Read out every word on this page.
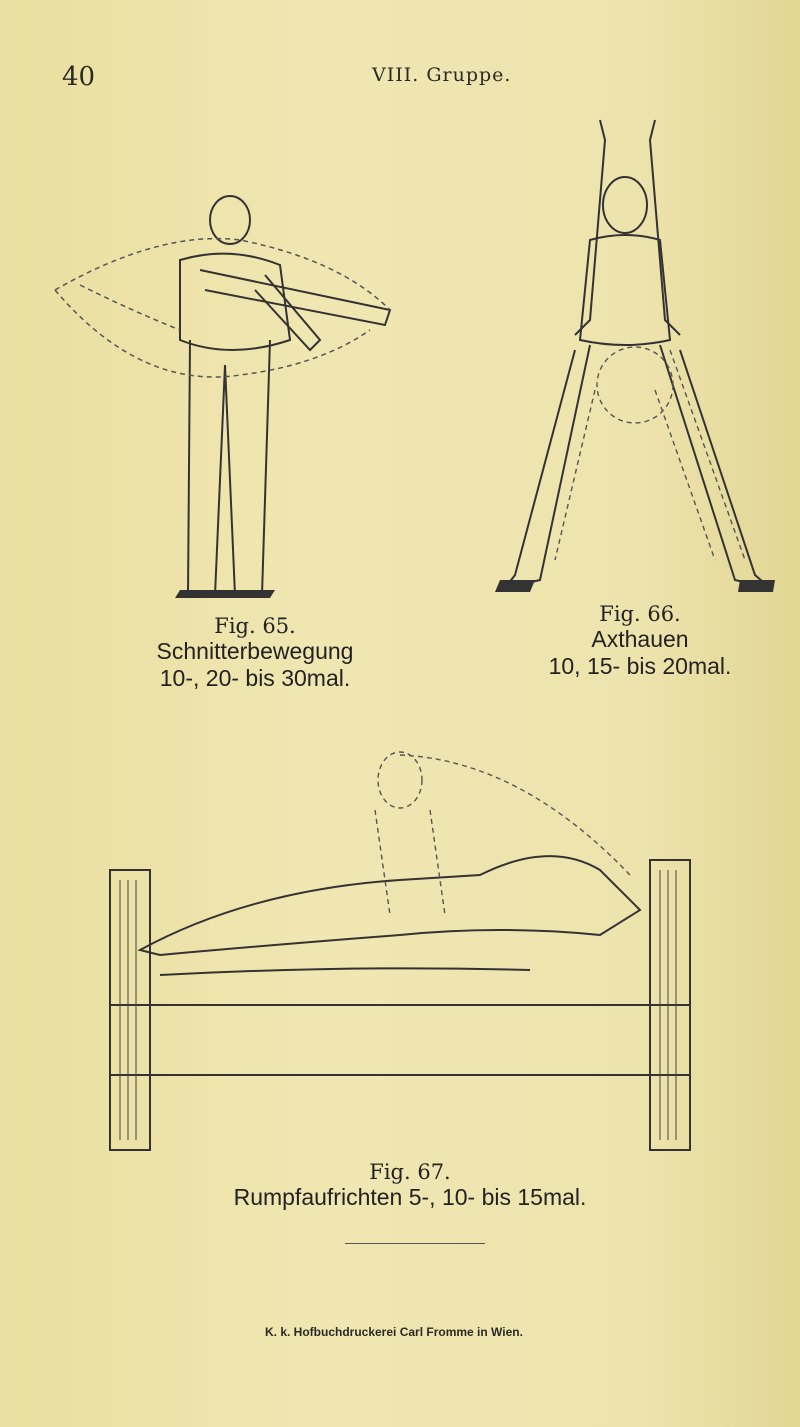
40	VIII. Gruppe.
Fig. 65.
Schnitterbewegung
10-, 20- bis 30mal.
Fig. 66.
Axthauen
10, 15- bis 20mal.
Fig. 67.
Rumpfaufrichten 5-, 10- bis 15mal.
K. k. Hofbuchdruckerei Carl Fromme in Wien.
